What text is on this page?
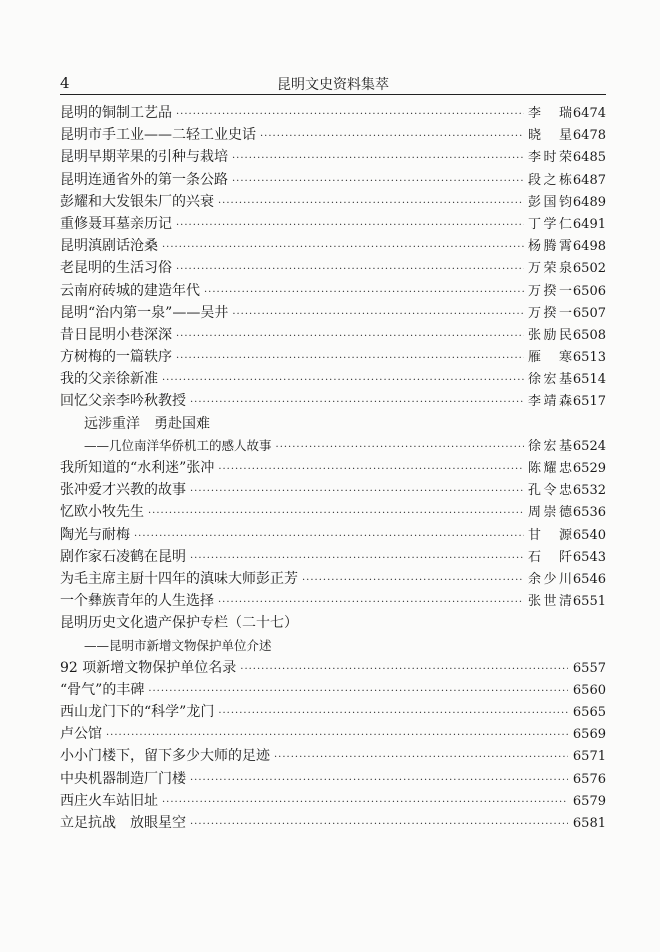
4	昆明文史资料集萃
昆明的铜制工艺品 ·····	李　瑞 6474
昆明市手工业——二轻工业史话 ·····	晓　星 6478
昆明早期苹果的引种与栽培 ·····	李时荣 6485
昆明连通省外的第一条公路 ·····	段之栋 6487
彭耀和大发银朱厂的兴衰 ·····	彭国钧 6489
重修聂耳墓亲历记 ·····	丁学仁 6491
昆明滇剧话沧桑 ·····	杨腾霄 6498
老昆明的生活习俗 ·····	万荣泉 6502
云南府砖城的建造年代 ·····	万揆一 6506
昆明“治内第一泉”——吴井 ·····	万揆一 6507
昔日昆明小巷深深 ·····	张励民 6508
方树梅的一篇轶序 ·····	雁　寒 6513
我的父亲徐新准 ·····	徐宏基 6514
回忆父亲李吟秋教授 ·····	李靖森 6517
远涉重洋　勇赴国难
——几位南洋华侨机工的感人故事 ·····	徐宏基 6524
我所知道的“水利迷”张冲 ·····	陈耀忠 6529
张冲爱才兴教的故事 ·····	孔令忠 6532
忆欧小牧先生 ·····	周崇德 6536
陶光与耐梅 ·····	甘　源 6540
剧作家石凌鹤在昆明 ·····	石　阡 6543
为毛主席主厨十四年的滇味大师彭正芳 ·····	余少川 6546
一个彝族青年的人生选择 ·····	张世清 6551
昆明历史文化遗产保护专栏（二十七）
——昆明市新增文物保护单位介述
92 项新增文物保护单位名录 ·····	6557
“骨气”的丰碑 ·····	6560
西山龙门下的“科学”龙门 ·····	6565
卢公馆 ·····	6569
小小门楼下，留下多少大师的足迹 ·····	6571
中央机器制造厂门楼 ·····	6576
西庄火车站旧址 ·····	6579
立足抗战　放眼星空 ·····	6581
